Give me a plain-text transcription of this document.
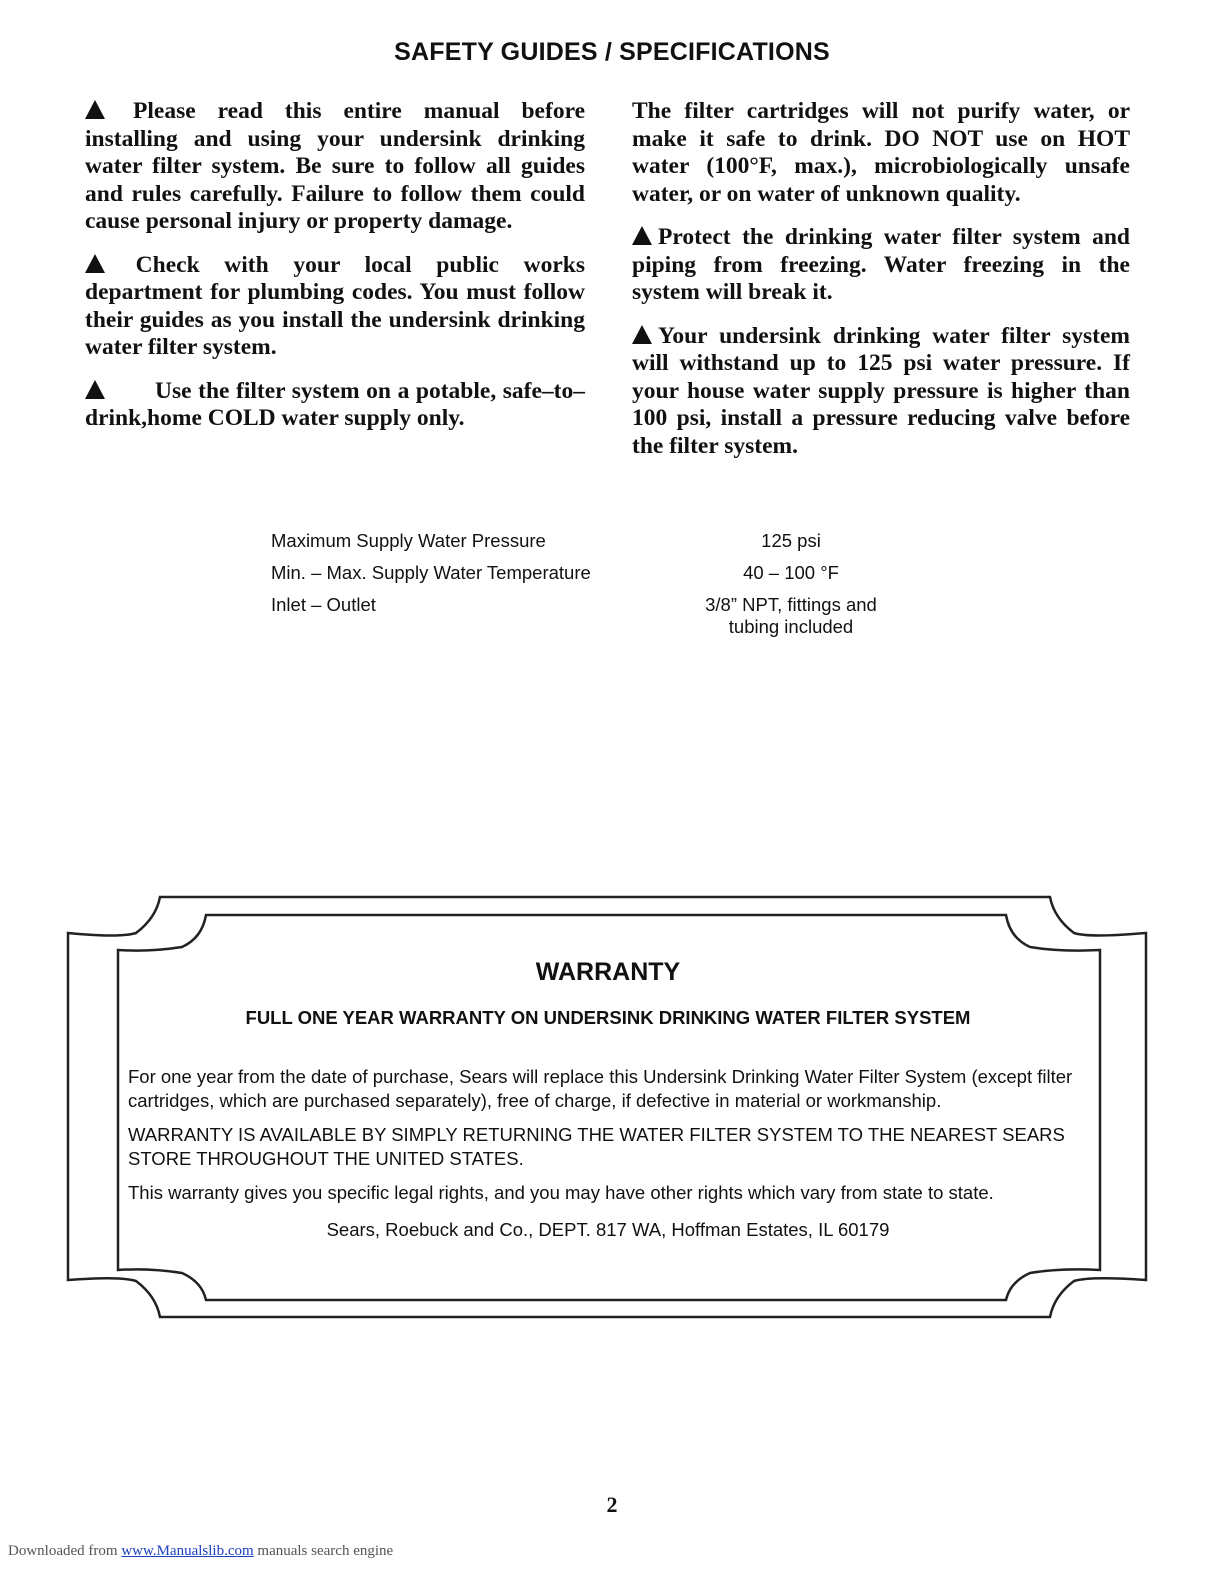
SAFETY GUIDES / SPECIFICATIONS

Please read this entire manual before installing and using your undersink drinking water filter system. Be sure to follow all guides and rules carefully. Failure to follow them could cause personal injury or property damage.

Check with your local public works department for plumbing codes. You must follow their guides as you install the undersink drinking water filter system.

Use the filter system on a potable, safe–to–drink,home COLD water supply only.

The filter cartridges will not purify water, or make it safe to drink. DO NOT use on HOT water (100°F, max.), microbiologically unsafe water, or on water of unknown quality.

Protect the drinking water filter system and piping from freezing. Water freezing in the system will break it.

Your undersink drinking water filter system will withstand up to 125 psi water pressure. If your house water supply pressure is higher than 100 psi, install a pressure reducing valve before the filter system.

Maximum Supply Water Pressure	125 psi
Min. – Max. Supply Water Temperature	40 – 100 °F
Inlet – Outlet	3/8” NPT, fittings and
tubing included
WARRANTY
FULL ONE YEAR WARRANTY ON UNDERSINK DRINKING WATER FILTER SYSTEM
For one year from the date of purchase, Sears will replace this Undersink Drinking Water Filter System (except filter cartridges, which are purchased separately), free of charge, if defective in material or workmanship.
WARRANTY IS AVAILABLE BY SIMPLY RETURNING THE WATER FILTER SYSTEM TO THE NEAREST SEARS STORE THROUGHOUT THE UNITED STATES.
This warranty gives you specific legal rights, and you may have other rights which vary from state to state.
Sears, Roebuck and Co., DEPT. 817 WA, Hoffman Estates, IL 60179
2
Downloaded from www.Manualslib.com manuals search engine
